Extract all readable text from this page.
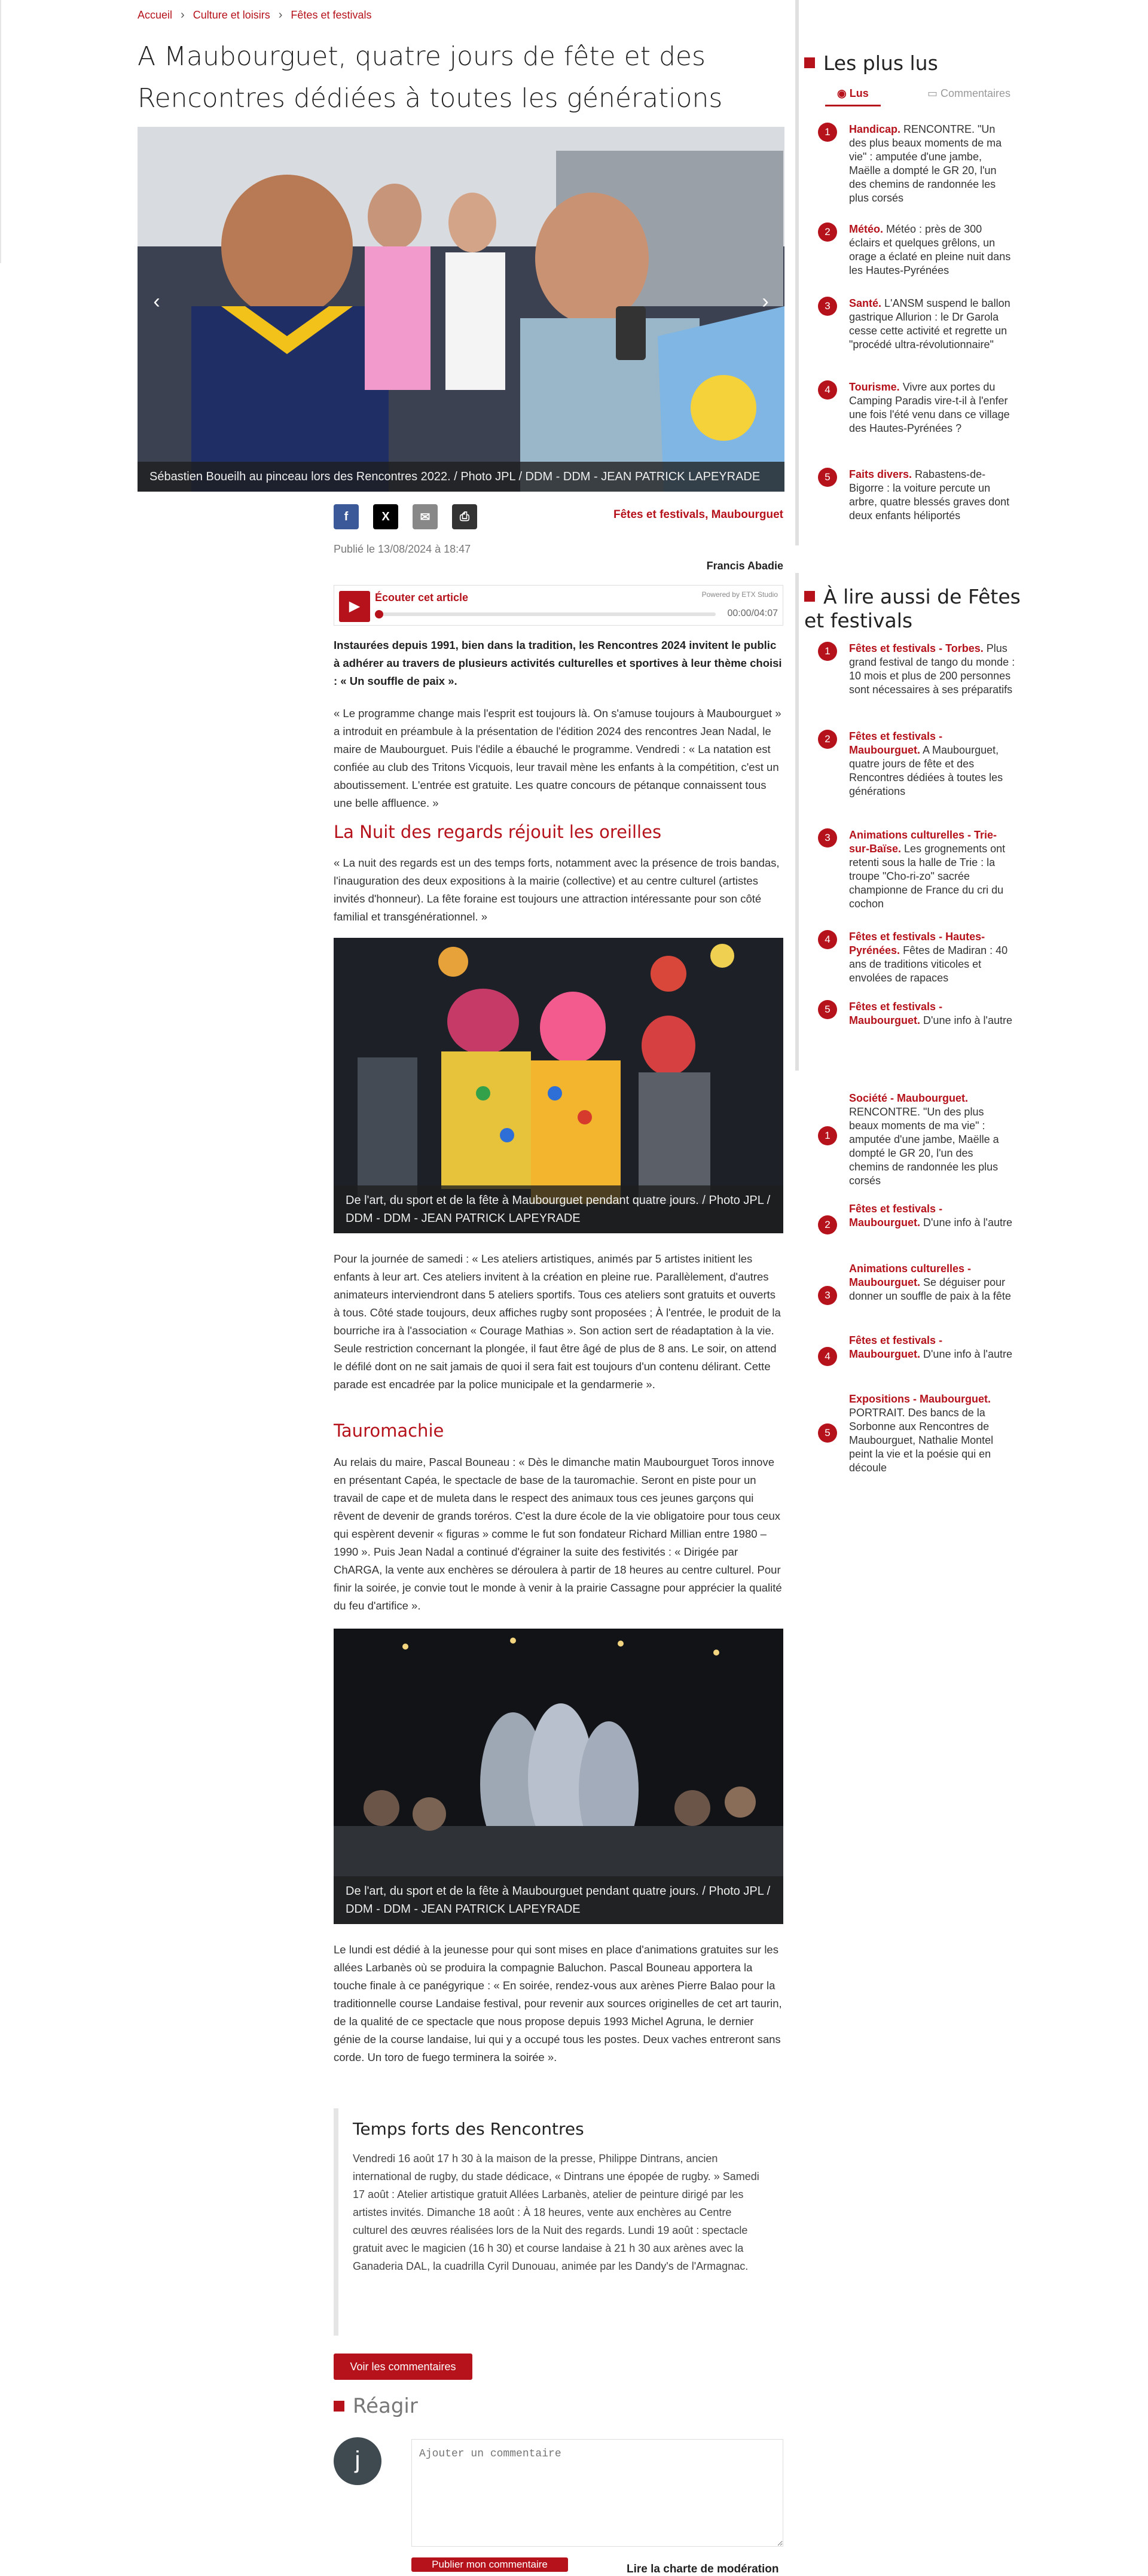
Accueil › Culture et loisirs › Fêtes et festivals
A Maubourguet, quatre jours de fête et des Rencontres dédiées à toutes les générations
‹	›
Sébastien Boueilh au pinceau lors des Rencontres 2022. / Photo JPL / DDM - DDM - JEAN PATRICK LAPEYRADE
f	X	✉	⎙	Fêtes et festivals, Maubourguet
Publié le 13/08/2024 à 18:47
Francis Abadie
▶
Écouter cet article	Powered by ETX Studio
00:00/04:07

Instaurées depuis 1991, bien dans la tradition, les Rencontres 2024 invitent le public à adhérer au travers de plusieurs activités culturelles et sportives à leur thème choisi : « Un souffle de paix ».

« Le programme change mais l'esprit est toujours là. On s'amuse toujours à Maubourguet » a introduit en préambule à la présentation de l'édition 2024 des rencontres Jean Nadal, le maire de Maubourguet. Puis l'édile a ébauché le programme. Vendredi : « La natation est confiée au club des Tritons Vicquois, leur travail mène les enfants à la compétition, c'est un aboutissement. L'entrée est gratuite. Les quatre concours de pétanque connaissent tous une belle affluence. »

La Nuit des regards réjouit les oreilles

« La nuit des regards est un des temps forts, notamment avec la présence de trois bandas, l'inauguration des deux expositions à la mairie (collective) et au centre culturel (artistes invités d'honneur). La fête foraine est toujours une attraction intéressante pour son côté familial et transgénérationnel. »

De l'art, du sport et de la fête à Maubourguet pendant quatre jours. / Photo JPL / DDM - DDM - JEAN PATRICK LAPEYRADE

Pour la journée de samedi : « Les ateliers artistiques, animés par 5 artistes initient les enfants à leur art. Ces ateliers invitent à la création en pleine rue. Parallèlement, d'autres animateurs interviendront dans 5 ateliers sportifs. Tous ces ateliers sont gratuits et ouverts à tous. Côté stade toujours, deux affiches rugby sont proposées ; À l'entrée, le produit de la bourriche ira à l'association « Courage Mathias ». Son action sert de réadaptation à la vie. Seule restriction concernant la plongée, il faut être âgé de plus de 8 ans. Le soir, on attend le défilé dont on ne sait jamais de quoi il sera fait est toujours d'un contenu délirant. Cette parade est encadrée par la police municipale et la gendarmerie ».

Tauromachie

Au relais du maire, Pascal Bouneau : « Dès le dimanche matin Maubourguet Toros innove en présentant Capéa, le spectacle de base de la tauromachie. Seront en piste pour un travail de cape et de muleta dans le respect des animaux tous ces jeunes garçons qui rêvent de devenir de grands toréros. C'est la dure école de la vie obligatoire pour tous ceux qui espèrent devenir « figuras » comme le fut son fondateur Richard Millian entre 1980 – 1990 ». Puis Jean Nadal a continué d'égrainer la suite des festivités : « Dirigée par ChARGA, la vente aux enchères se déroulera à partir de 18 heures au centre culturel. Pour finir la soirée, je convie tout le monde à venir à la prairie Cassagne pour apprécier la qualité du feu d'artifice ».

De l'art, du sport et de la fête à Maubourguet pendant quatre jours. / Photo JPL / DDM - DDM - JEAN PATRICK LAPEYRADE

Le lundi est dédié à la jeunesse pour qui sont mises en place d'animations gratuites sur les allées Larbanès où se produira la compagnie Baluchon. Pascal Bouneau apportera la touche finale à ce panégyrique : « En soirée, rendez-vous aux arènes Pierre Balao pour la traditionnelle course Landaise festival, pour revenir aux sources originelles de cet art taurin, de la qualité de ce spectacle que nous propose depuis 1993 Michel Agruna, le dernier génie de la course landaise, lui qui y a occupé tous les postes. Deux vaches entreront sans corde. Un toro de fuego terminera la soirée ».

Temps forts des Rencontres

Vendredi 16 août 17 h 30 à la maison de la presse, Philippe Dintrans, ancien international de rugby, du stade dédicace, « Dintrans une épopée de rugby. » Samedi 17 août : Atelier artistique gratuit Allées Larbanès, atelier de peinture dirigé par les artistes invités. Dimanche 18 août : À 18 heures, vente aux enchères au Centre culturel des œuvres réalisées lors de la Nuit des regards. Lundi 19 août : spectacle gratuit avec le magicien (16 h 30) et course landaise à 21 h 30 aux arènes avec la Ganaderia DAL, la cuadrilla Cyril Dunouau, animée par les Dandy's de l'Armagnac.

Voir les commentaires
Réagir
j
Ajouter un commentaire
Publier mon commentaire	Lire la charte de modération
Les plus lus
◉ Lus	▭ Commentaires
1	Handicap. RENCONTRE. "Un des plus beaux moments de ma vie" : amputée d'une jambe, Maëlle a dompté le GR 20, l'un des chemins de randonnée les plus corsés
2	Météo. Météo : près de 300 éclairs et quelques grêlons, un orage a éclaté en pleine nuit dans les Hautes-Pyrénées
3	Santé. L'ANSM suspend le ballon gastrique Allurion : le Dr Garola cesse cette activité et regrette un "procédé ultra-révolutionnaire"
4	Tourisme. Vivre aux portes du Camping Paradis vire-t-il à l'enfer une fois l'été venu dans ce village des Hautes-Pyrénées ?
5	Faits divers. Rabastens-de-Bigorre : la voiture percute un arbre, quatre blessés graves dont deux enfants héliportés
À lire aussi de Fêtes et festivals
1	Fêtes et festivals - Torbes. Plus grand festival de tango du monde : 10 mois et plus de 200 personnes sont nécessaires à ses préparatifs
2	Fêtes et festivals - Maubourguet. A Maubourguet, quatre jours de fête et des Rencontres dédiées à toutes les générations
3	Animations culturelles - Trie-sur-Baïse. Les grognements ont retenti sous la halle de Trie : la troupe "Cho-ri-zo" sacrée championne de France du cri du cochon
4	Fêtes et festivals - Hautes-Pyrénées. Fêtes de Madiran : 40 ans de traditions viticoles et envolées de rapaces
5	Fêtes et festivals - Maubourguet. D'une info à l'autre
1
Société - Maubourguet. RENCONTRE. "Un des plus beaux moments de ma vie" : amputée d'une jambe, Maëlle a dompté le GR 20, l'un des chemins de randonnée les plus corsés
2
Fêtes et festivals - Maubourguet. D'une info à l'autre
3
Animations culturelles - Maubourguet. Se déguiser pour donner un souffle de paix à la fête
4
Fêtes et festivals - Maubourguet. D'une info à l'autre
5
Expositions - Maubourguet. PORTRAIT. Des bancs de la Sorbonne aux Rencontres de Maubourguet, Nathalie Montel peint la vie et la poésie qui en découle
